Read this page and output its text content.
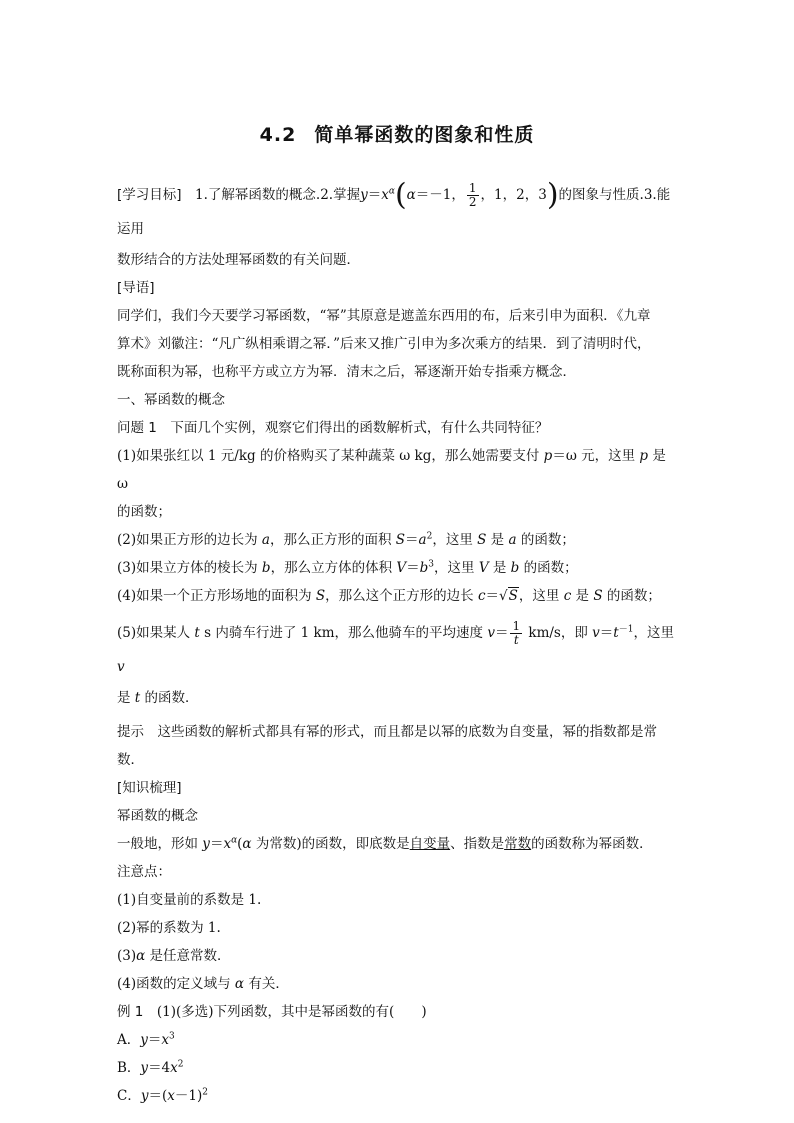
4.2 简单幂函数的图象和性质

[学习目标]　 1.了解幂函数的概念.2.掌握$y=x^\alpha(\alpha=-1$， $\frac{1}{2}$ ，1，2，3)的图象与性质.3.能运用

数形结合的方法处理幂函数的有关问题．

[导语]

同学们，我们今天要学习幂函数，“幂”其原意是遮盖东西用的布，后来引申为面积．《九章

算术》刘徽注：“凡广纵相乘谓之幂．”后来又推广引申为多次乘方的结果．到了清明时代，

既称面积为幂，也称平方或立方为幂．清末之后，幂逐渐开始专指乘方概念．

一、幂函数的概念

问题 1　下面几个实例，观察它们得出的函数解析式，有什么共同特征？

(1)如果张红以 1 元/kg 的价格购买了某种蔬菜 ω kg，那么她需要支付 p＝ω 元，这里 p 是 ω

的函数；

(2)如果正方形的边长为 a，那么正方形的面积 $S=a^2$，这里 S 是 a 的函数；

(3)如果立方体的棱长为 b，那么立方体的体积 $V=b^3$，这里 V 是 b 的函数；

(4)如果一个正方形场地的面积为 S，那么这个正方形的边长 c＝√S，这里 c 是 S 的函数；

(5)如果某人 t s 内骑车行进了 1 km，那么他骑车的平均速度 $v= \frac{1}{t} km/s$，即 $v=t^{-1}$，这里 v

是 t 的函数．

提示　这些函数的解析式都具有幂的形式，而且都是以幂的底数为自变量，幂的指数都是常

数．

[知识梳理]

幂函数的概念

一般地，形如 $y=x^\alpha(\alpha$ 为常数)的函数，即底数是自变量、指数是常数的函数称为幂函数．

注意点：

(1)自变量前的系数是 1.

(2)幂的系数为 1.

(3)α 是任意常数．

(4)函数的定义域与 α 有关．

例 1　(1)(多选)下列函数，其中是幂函数的有(　　)

A．$y=x^3$

B．$y=4x^2$

C．$y=(x-1)^2$
